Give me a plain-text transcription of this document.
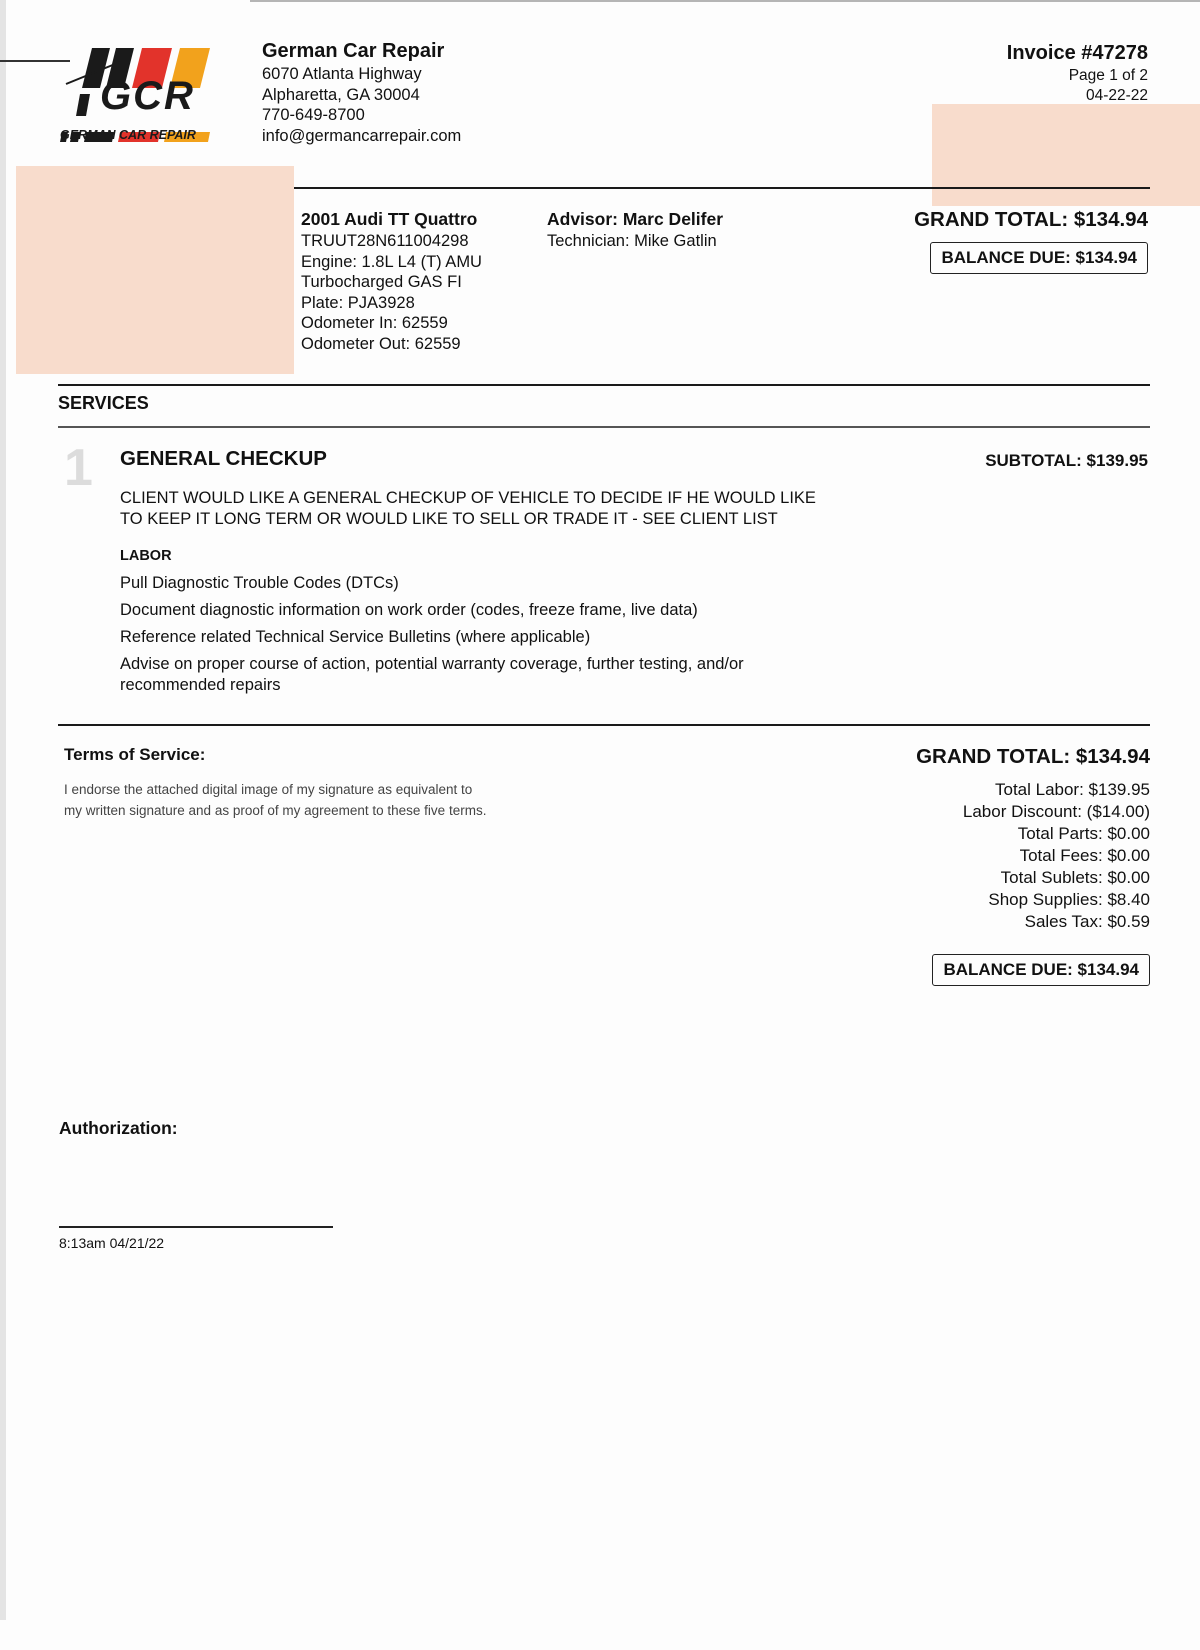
GCR
GERMAN CAR REPAIR
German Car Repair
6070 Atlanta Highway
Alpharetta, GA 30004
770-649-8700
info@germancarrepair.com
Invoice #47278
Page 1 of 2
04-22-22
2001 Audi TT Quattro
TRUUT28N611004298
Engine: 1.8L L4 (T) AMU
Turbocharged GAS FI
Plate: PJA3928
Odometer In: 62559
Odometer Out: 62559
Advisor: Marc Delifer
Technician: Mike Gatlin
GRAND TOTAL: $134.94
BALANCE DUE: $134.94
SERVICES
1 GENERAL CHECKUP	SUBTOTAL: $139.95
CLIENT WOULD LIKE A GENERAL CHECKUP OF VEHICLE TO DECIDE IF HE WOULD LIKE
TO KEEP IT LONG TERM OR WOULD LIKE TO SELL OR TRADE IT - SEE CLIENT LIST
LABOR
Pull Diagnostic Trouble Codes (DTCs)
Document diagnostic information on work order (codes, freeze frame, live data)
Reference related Technical Service Bulletins (where applicable)
Advise on proper course of action, potential warranty coverage, further testing, and/or
recommended repairs
Terms of Service:
I endorse the attached digital image of my signature as equivalent to
my written signature and as proof of my agreement to these five terms.
GRAND TOTAL: $134.94
Total Labor: $139.95
Labor Discount: ($14.00)
Total Parts: $0.00
Total Fees: $0.00
Total Sublets: $0.00
Shop Supplies: $8.40
Sales Tax: $0.59
BALANCE DUE: $134.94
Authorization:
8:13am 04/21/22
